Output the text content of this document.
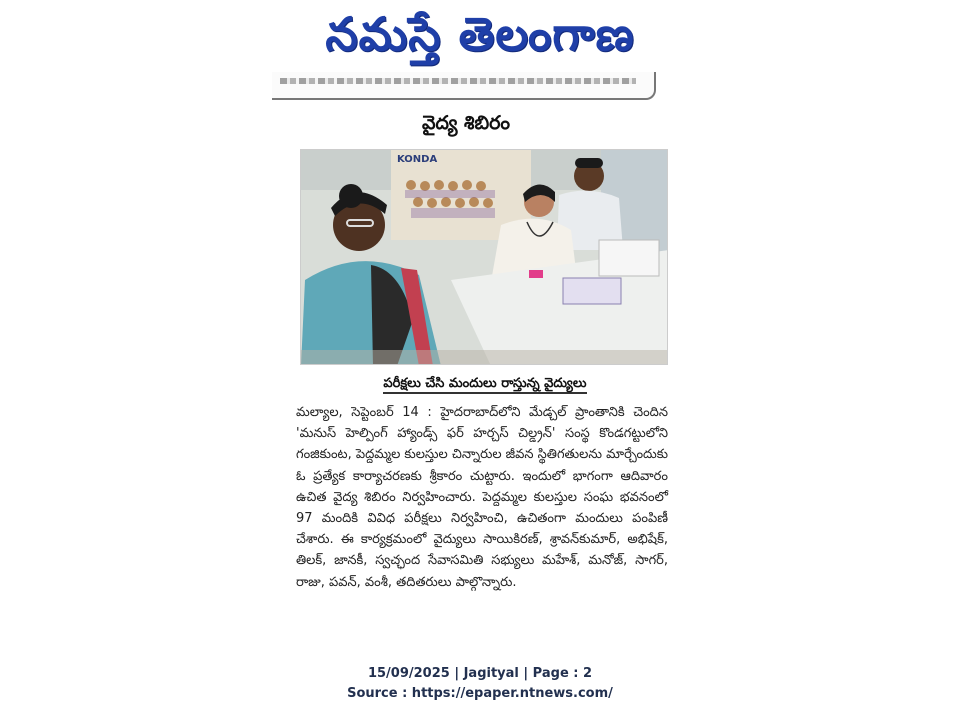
నమస్తే తెలంగాణ
వైద్య శిబిరం
KONDA
పరీక్షలు చేసి మందులు రాస్తున్న వైద్యులు
మల్యాల, సెప్టెంబర్ 14 : హైదరాబాద్‌లోని మేడ్చల్ ప్రాంతానికి చెందిన 'మనుస్ హెల్పింగ్ హ్యాండ్స్ ఫర్ హర్చస్ చిల్డ్రన్' సంస్థ కొండగట్టులోని గంజికుంట, పెద్దమ్మల కులస్తుల చిన్నారుల జీవన స్థితిగతులను మార్చేందుకు ఓ ప్రత్యేక కార్యాచరణకు శ్రీకారం చుట్టారు. ఇందులో భాగంగా ఆదివారం ఉచిత వైద్య శిబిరం నిర్వహించారు. పెద్దమ్మల కులస్తుల సంఘ భవనంలో 97 మందికి వివిధ పరీక్షలు నిర్వహించి, ఉచితంగా మందులు పంపిణీ చేశారు. ఈ కార్యక్రమంలో వైద్యులు సాయికిరణ్, శ్రావన్‌కుమార్, అభిషేక్, తిలక్, జానకీ, స్వచ్ఛంద సేవాసమితి సభ్యులు మహేశ్, మనోజ్, సాగర్, రాజు, పవన్, వంశీ, తదితరులు పాల్గొన్నారు.
15/09/2025 | Jagityal | Page : 2
Source : https://epaper.ntnews.com/
